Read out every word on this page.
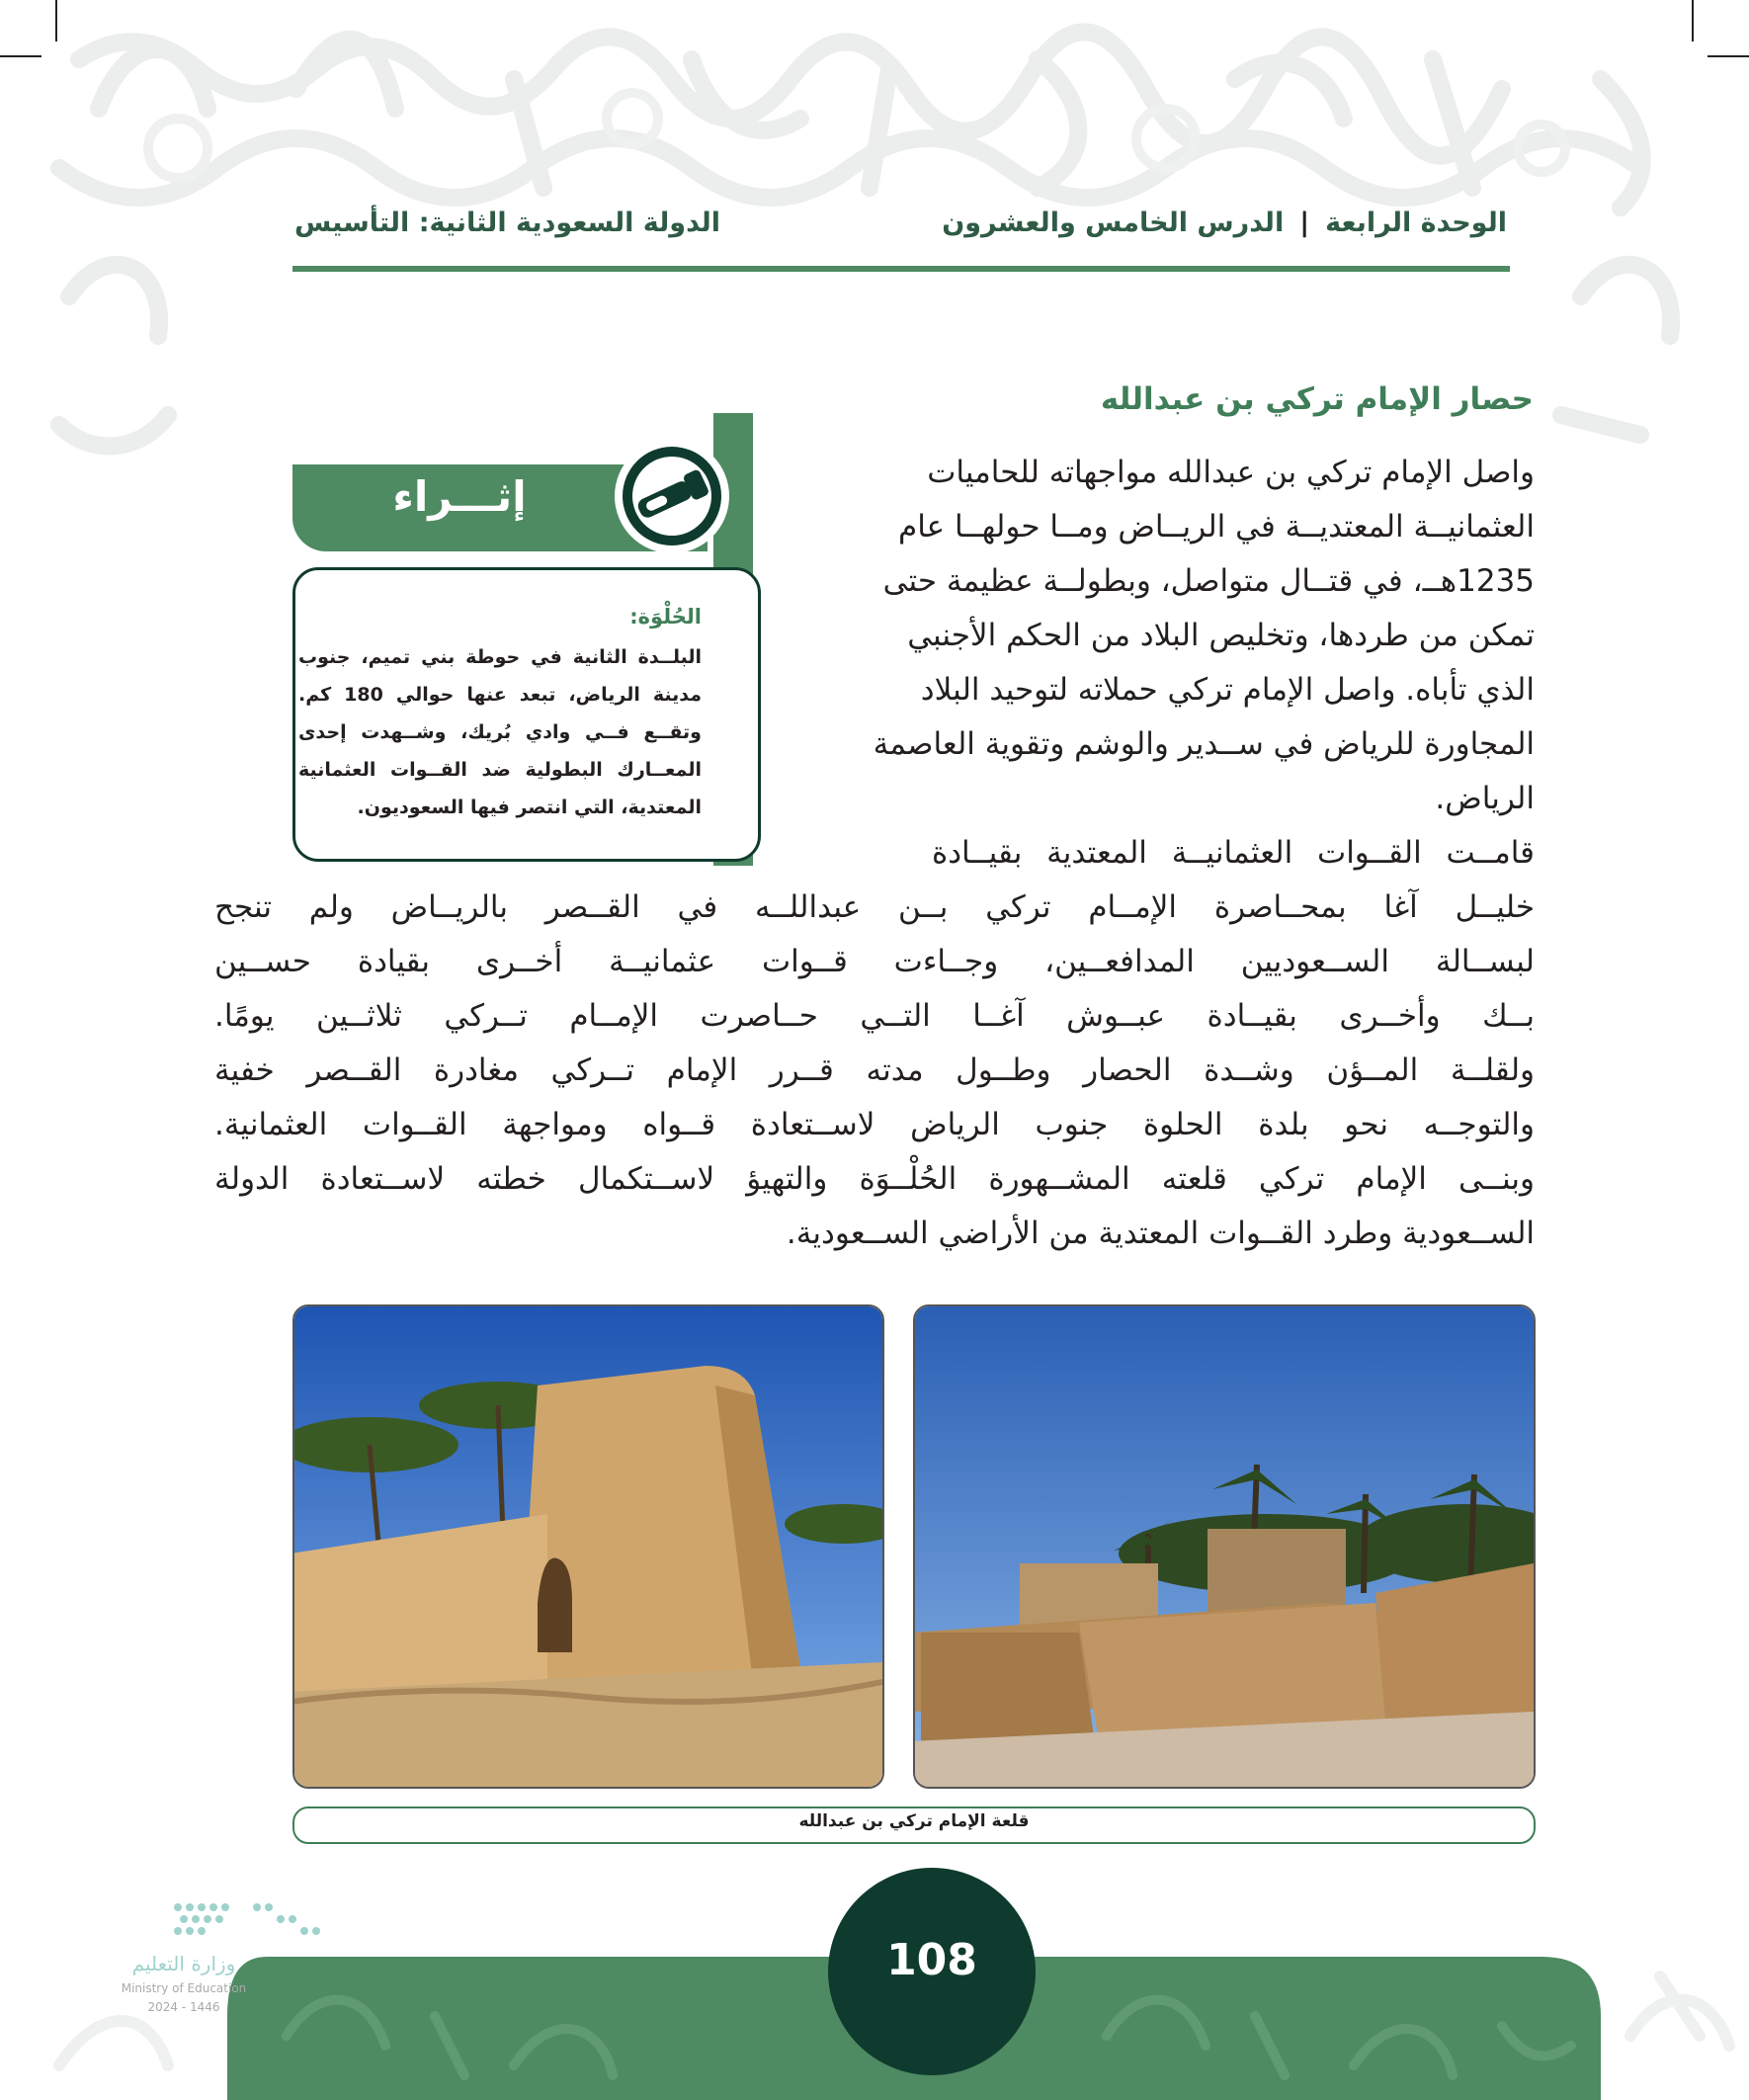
الوحدة الرابعة|الدرس الخامس والعشرون
الدولة السعودية الثانية: التأسيس
حصار الإمام تركي بن عبدالله
واصل الإمام تركي بن عبدالله مواجهاته للحاميات
العثمانيــة المعتديــة في الريــاض ومــا حولهــا عام
1235هــ، في قتــال متواصل، وبطولــة عظيمة حتى
تمكن من طردها، وتخليص البلاد من الحكم الأجنبي
الذي تأباه. واصل الإمام تركي حملاته لتوحيد البلاد
المجاورة للرياض في ســدير والوشم وتقوية العاصمة
الرياض.
قامــت القــوات العثمانيــة المعتدية بقيــادة
خليــل آغا بمحــاصرة الإمــام تركي بــن عبداللــه في القــصر بالريــاض ولم تنجح
لبســالة الســعوديين المدافعــين، وجــاءت قــوات عثمانيــة أخــرى بقيادة حســين
بــك وأخــرى بقيــادة عبــوش آغــا التــي حــاصرت الإمــام تــركي ثلاثــين يومًا.
ولقلــة المــؤن وشــدة الحصار وطــول مدته قــرر الإمام تــركي مغادرة القــصر خفية
والتوجــه نحو بلدة الحلوة جنوب الرياض لاســتعادة قــواه ومواجهة القــوات العثمانية.
وبنــى الإمام تركي قلعته المشــهورة الحُلْــوَة والتهيؤ لاســتكمال خطته لاســتعادة الدولة
الســعودية وطرد القــوات المعتدية من الأراضي الســعودية.
إثـــراء
الحُلْوَة:
البلــدة الثانية في حوطة بني تميم، جنوب
مدينة الرياض، تبعد عنها حوالي 180 كم.
وتقــع فــي وادي بُريك، وشــهدت إحدى
المعــارك البطولية ضد القــوات العثمانية
المعتدية، التي انتصر فيها السعوديون.
قلعة الإمام تركي بن عبدالله
108
وزارة التعليم
Ministry of Education
2024 - 1446
